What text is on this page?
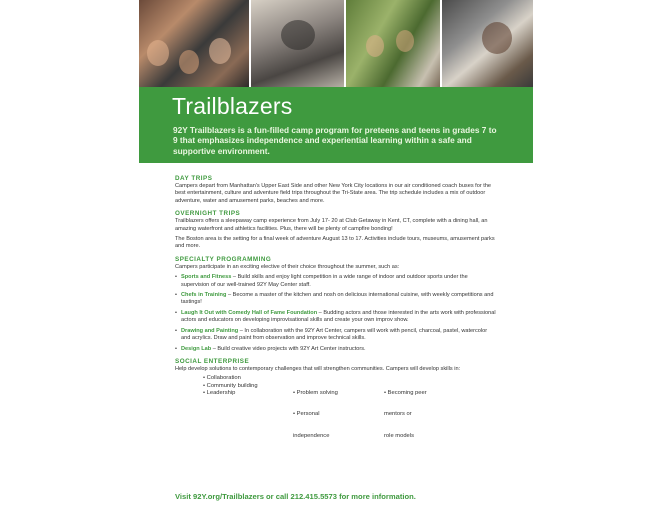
Trailblazers

92Y Trailblazers is a fun-filled camp program for preteens and teens in grades 7 to 9 that emphasizes independence and experiential learning within a safe and supportive environment.

DAY TRIPS

Campers depart from Manhattan's Upper East Side and other New York City locations in our air conditioned coach buses for the best entertainment, culture and adventure field trips throughout the Tri-State area. The trip schedule includes a mix of outdoor adventure, water and amusement parks, beaches and more.

OVERNIGHT TRIPS

Trailblazers offers a sleepaway camp experience from July 17- 20 at Club Getaway in Kent, CT, complete with a dining hall, an amazing waterfront and athletics facilities. Plus, there will be plenty of campfire bonding!

The Boston area is the setting for a final week of adventure August 13 to 17. Activities include tours, museums, amusement parks and more.

SPECIALTY PROGRAMMING

Campers participate in an exciting elective of their choice throughout the summer, such as:

• Sports and Fitness – Build skills and enjoy light competition in a wide range of indoor and outdoor sports under the supervision of our well-trained 92Y May Center staff.

• Chefs in Training – Become a master of the kitchen and nosh on delicious international cuisine, with weekly competitions and tastings!

• Laugh It Out with Comedy Hall of Fame Foundation – Budding actors and those interested in the arts work with professional actors and educators on developing improvisational skills and create your own improv show.

• Drawing and Painting – In collaboration with the 92Y Art Center, campers will work with pencil, charcoal, pastel, watercolor and acrylics. Draw and paint from observation and improve technical skills.

• Design Lab – Build creative video projects with 92Y Art Center instructors.

SOCIAL ENTERPRISE

Help develop solutions to contemporary challenges that will strengthen communities. Campers will develop skills in:

• Collaboration
• Community building
• Leadership

	• Problem solving

• Personal

independence

• Becoming peer

mentors or

role models

Visit 92Y.org/Trailblazers or call 212.415.5573 for more information.
